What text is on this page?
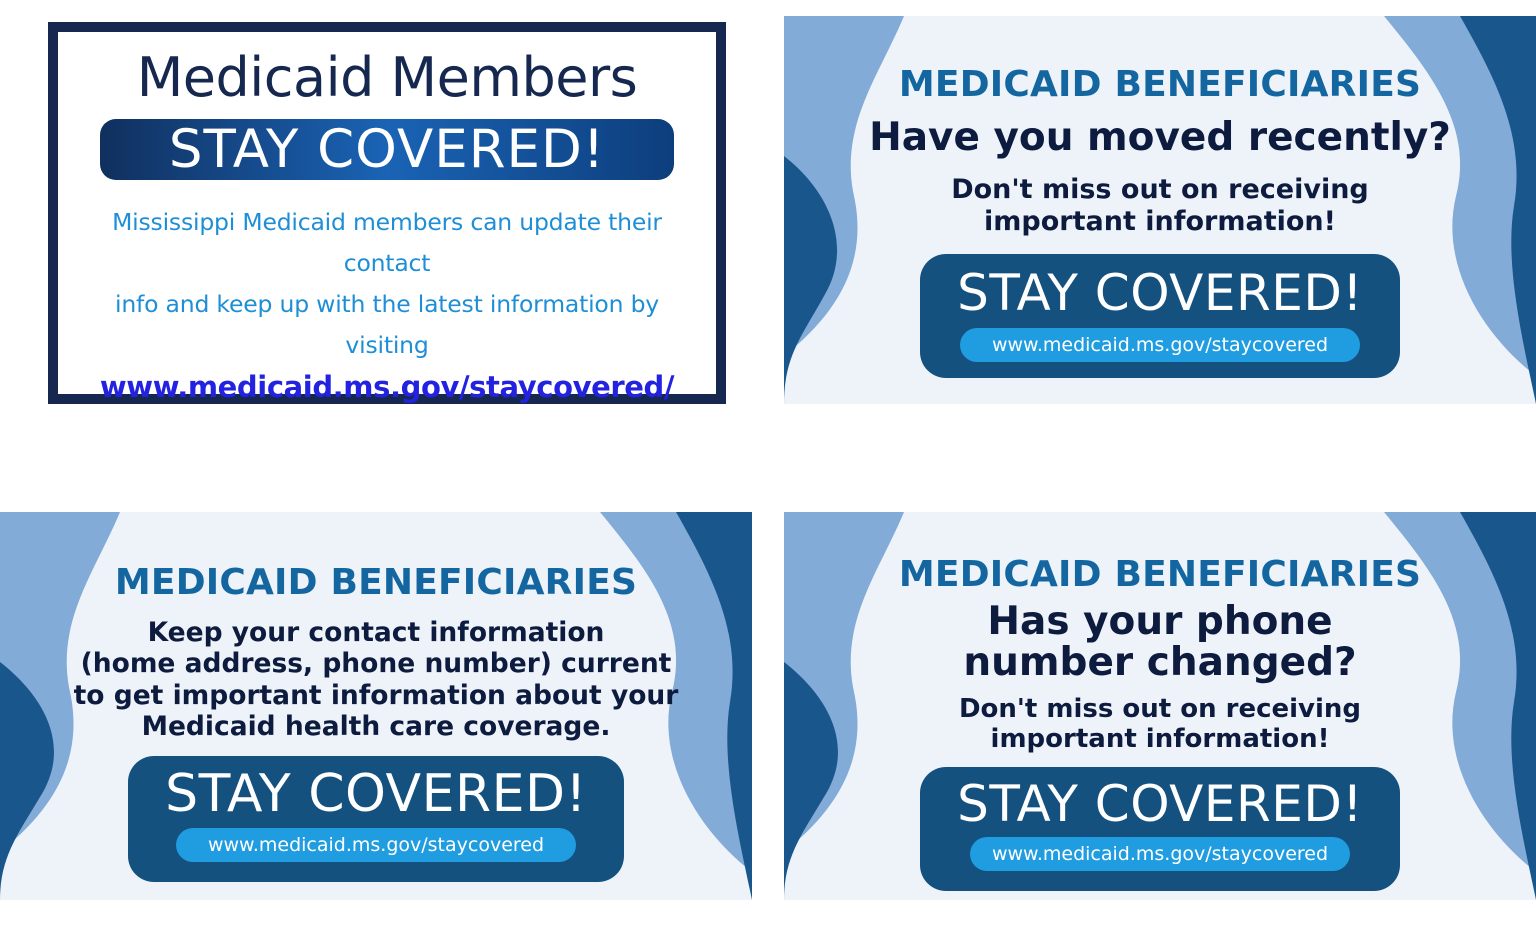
Medicaid Members
STAY COVERED!
Mississippi Medicaid members can update their contact
info and keep up with the latest information by visiting
www.medicaid.ms.gov/staycovered/
MEDICAID BENEFICIARIES
Have you moved recently?
Don't miss out on receiving
important information!
STAY COVERED!
www.medicaid.ms.gov/staycovered
MEDICAID BENEFICIARIES
Keep your contact information
(home address, phone number) current
to get important information about your
Medicaid health care coverage.
STAY COVERED!
www.medicaid.ms.gov/staycovered
MEDICAID BENEFICIARIES
Has your phone
number changed?
Don't miss out on receiving
important information!
STAY COVERED!
www.medicaid.ms.gov/staycovered
